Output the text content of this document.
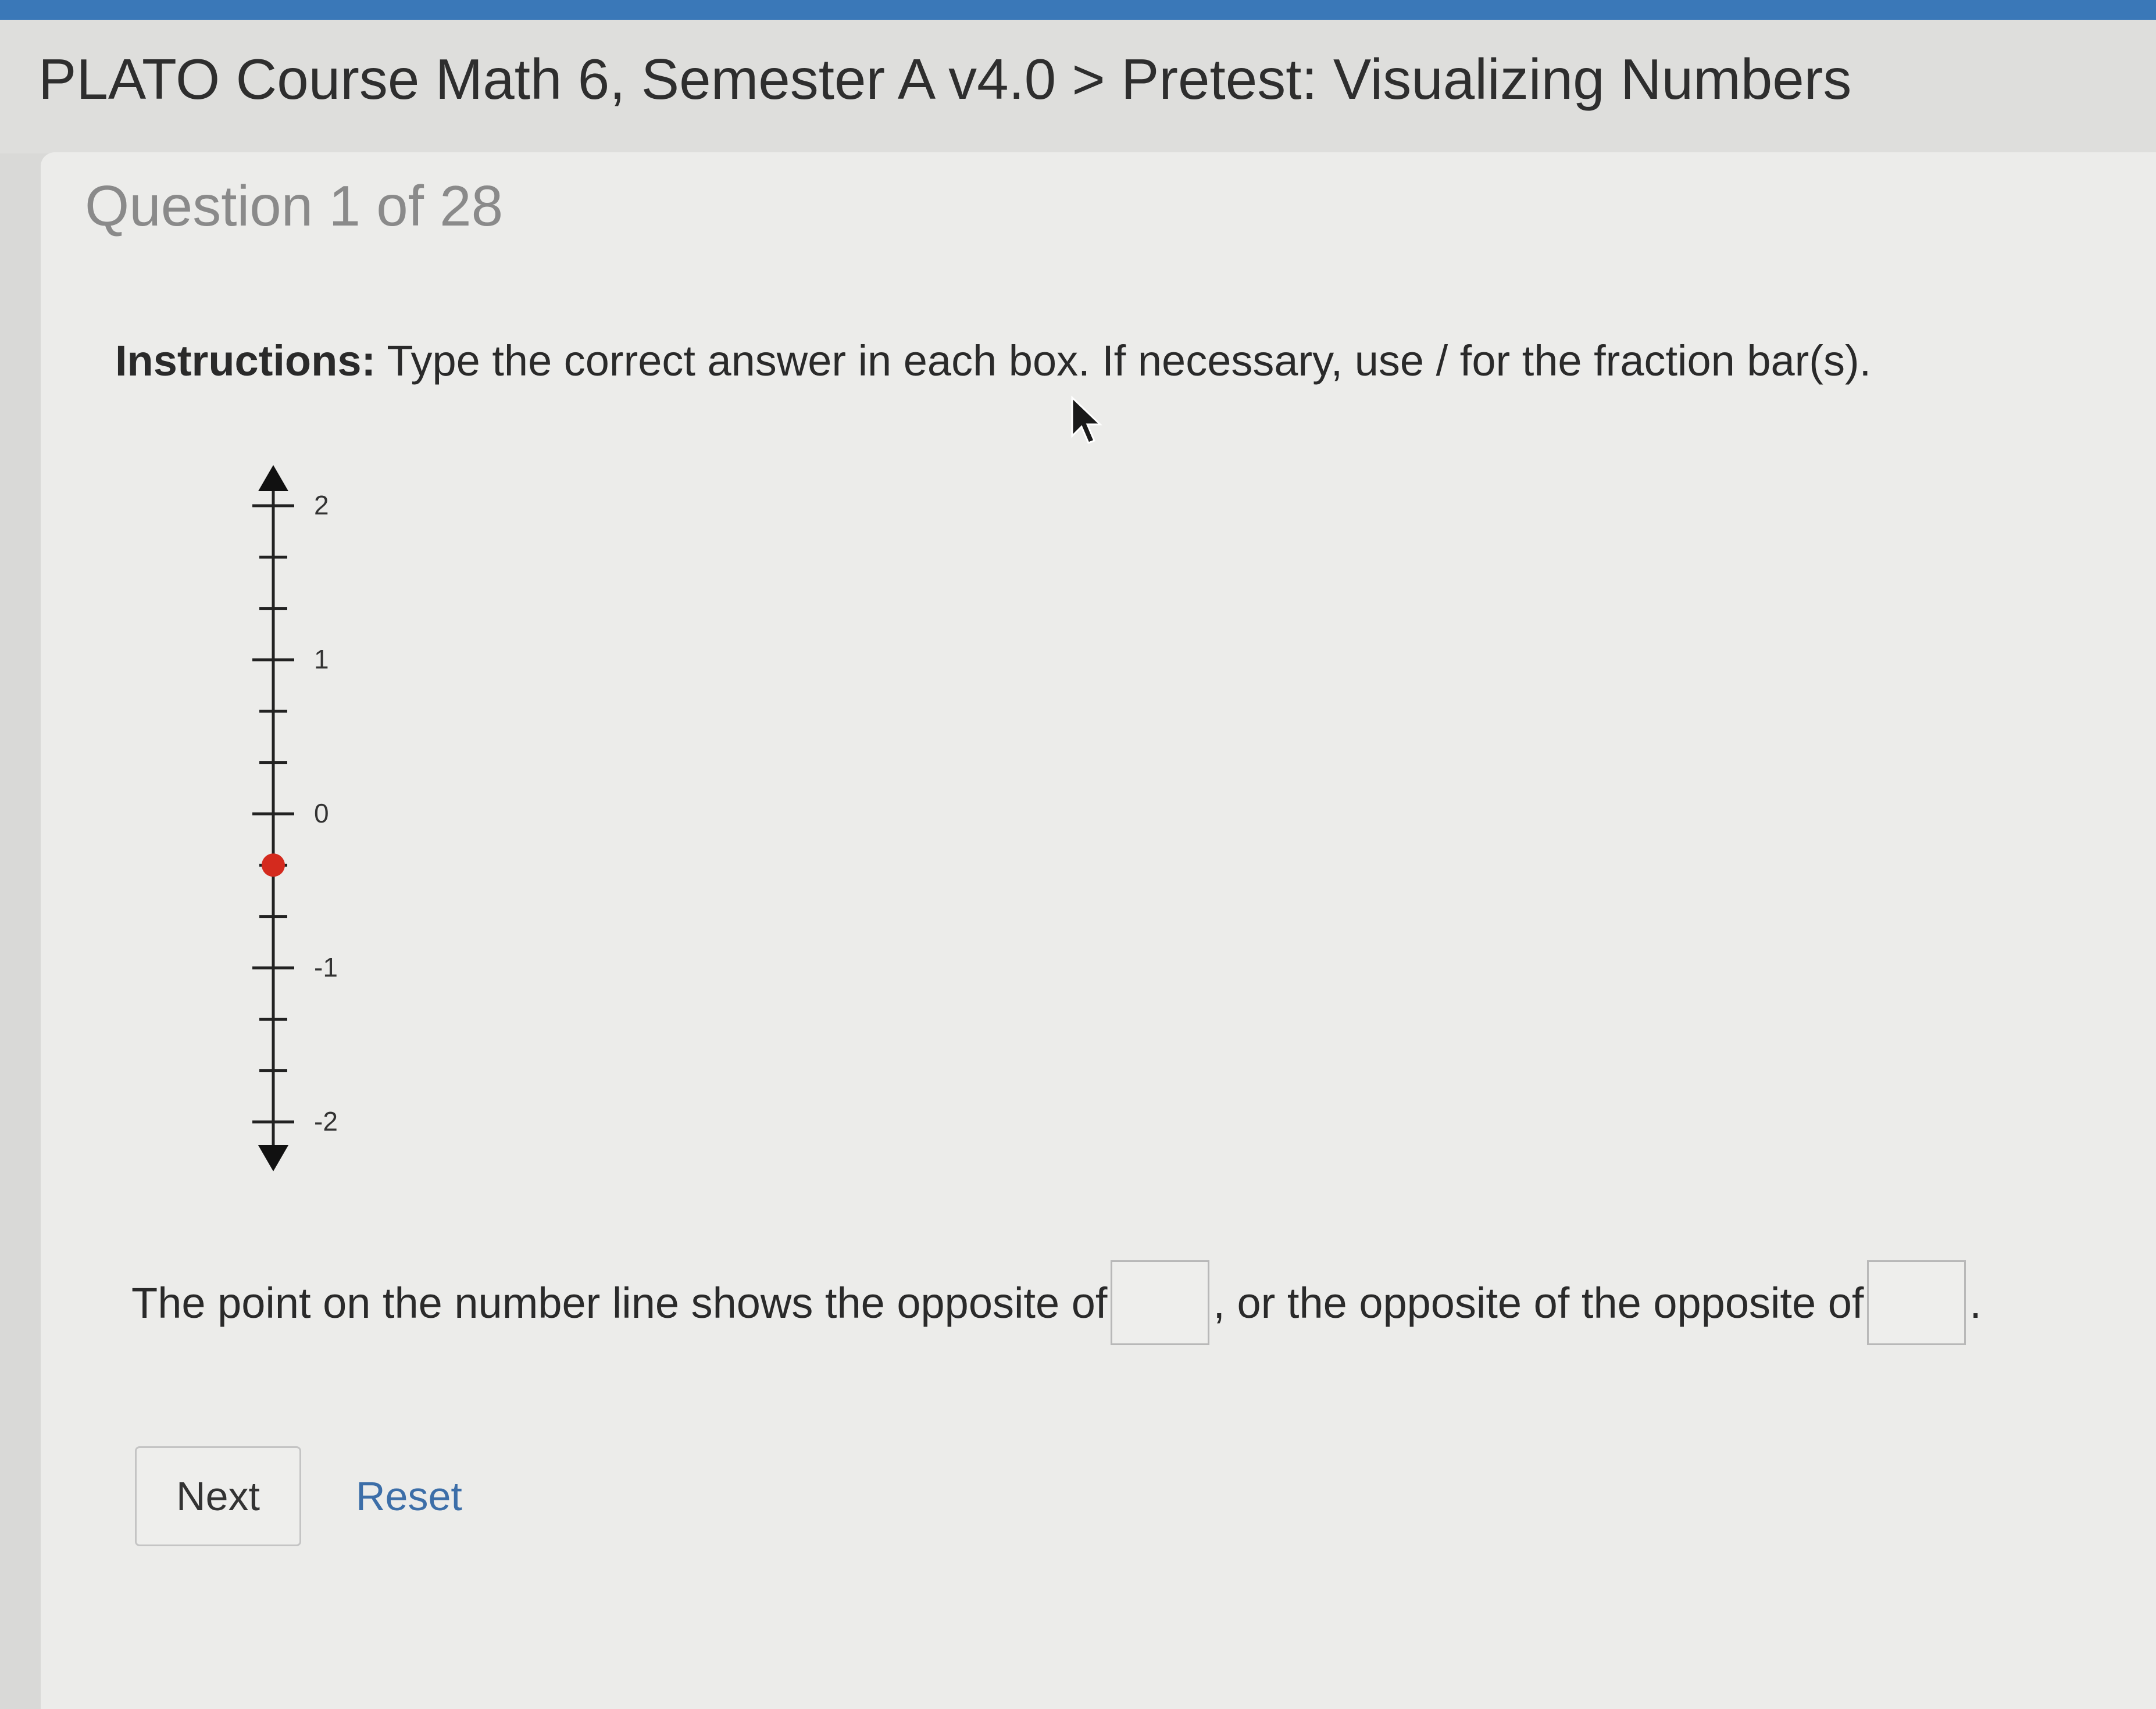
PLATO Course Math 6, Semester A v4.0 > Pretest: Visualizing Numbers
Question 1 of 28
Instructions: Type the correct answer in each box. If necessary, use / for the fraction bar(s).
2
1
0
-1
-2
The point on the number line shows the opposite of , or the opposite of the opposite of .
Next	Reset
